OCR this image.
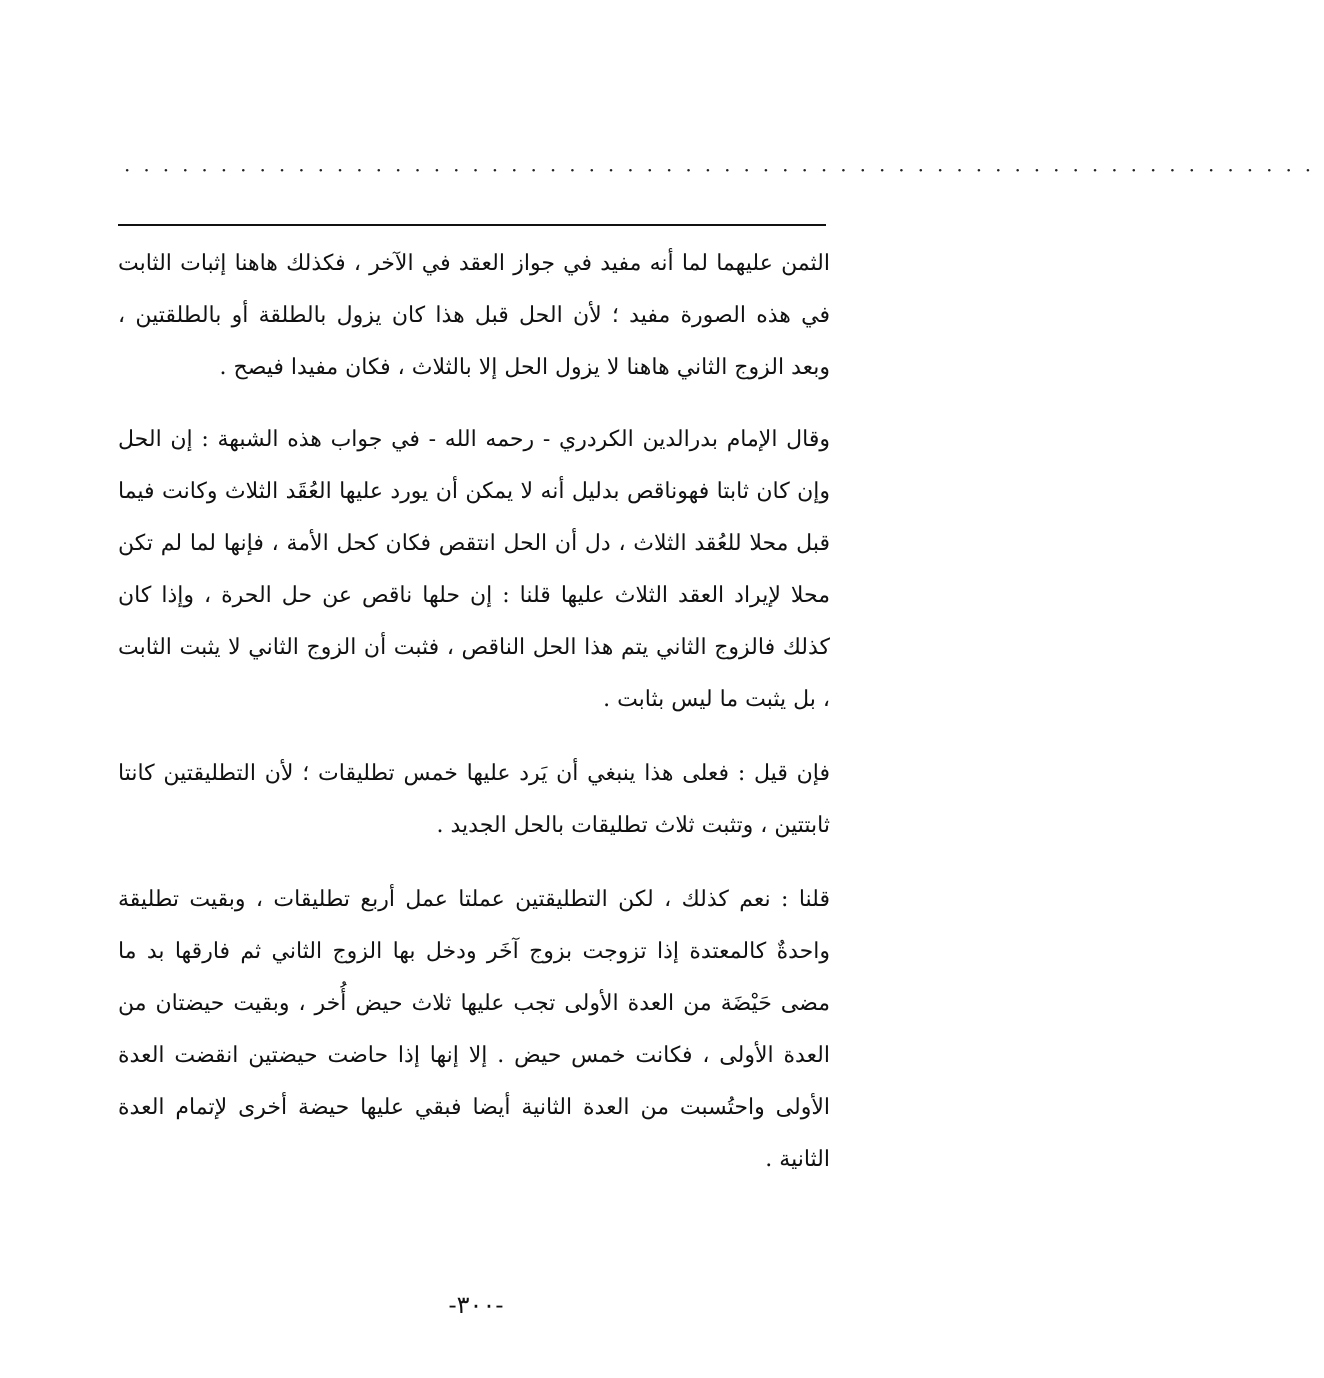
······························································

الثمن عليهما لما أنه مفيد في جواز العقد في الآخر ، فكذلك هاهنا إثبات الثابت في هذه الصورة مفيد ؛ لأن الحل قبل هذا كان يزول بالطلقة أو بالطلقتين ، وبعد الزوج الثاني هاهنا لا يزول الحل إلا بالثلاث ، فكان مفيدا فيصح .

وقال الإمام بدرالدين الكردري - رحمه الله - في جواب هذه الشبهة : إن الحل وإن كان ثابتا فهوناقص بدليل أنه لا يمكن أن يورد عليها العُقَد الثلاث وكانت فيما قبل محلا للعُقد الثلاث ، دل أن الحل انتقص فكان كحل الأمة ، فإنها لما لم تكن محلا لإيراد العقد الثلاث عليها قلنا : إن حلها ناقص عن حل الحرة ، وإذا كان كذلك فالزوج الثاني يتم هذا الحل الناقص ، فثبت أن الزوج الثاني لا يثبت الثابت ، بل يثبت ما ليس بثابت .

فإن قيل : فعلى هذا ينبغي أن يَرد عليها خمس تطليقات ؛ لأن التطليقتين كانتا ثابتتين ، وتثبت ثلاث تطليقات بالحل الجديد .

قلنا : نعم كذلك ، لكن التطليقتين عملتا عمل أربع تطليقات ، وبقيت تطليقة واحدةٌ كالمعتدة إذا تزوجت بزوج آخَر ودخل بها الزوج الثاني ثم فارقها بد ما مضى حَيْضَة من العدة الأولى تجب عليها ثلاث حيض أُخر ، وبقيت حيضتان من العدة الأولى ، فكانت خمس حيض . إلا إنها إذا حاضت حيضتين انقضت العدة الأولى واحتُسبت من العدة الثانية أيضا فبقي عليها حيضة أخرى لإتمام العدة الثانية .

-٣٠٠-
